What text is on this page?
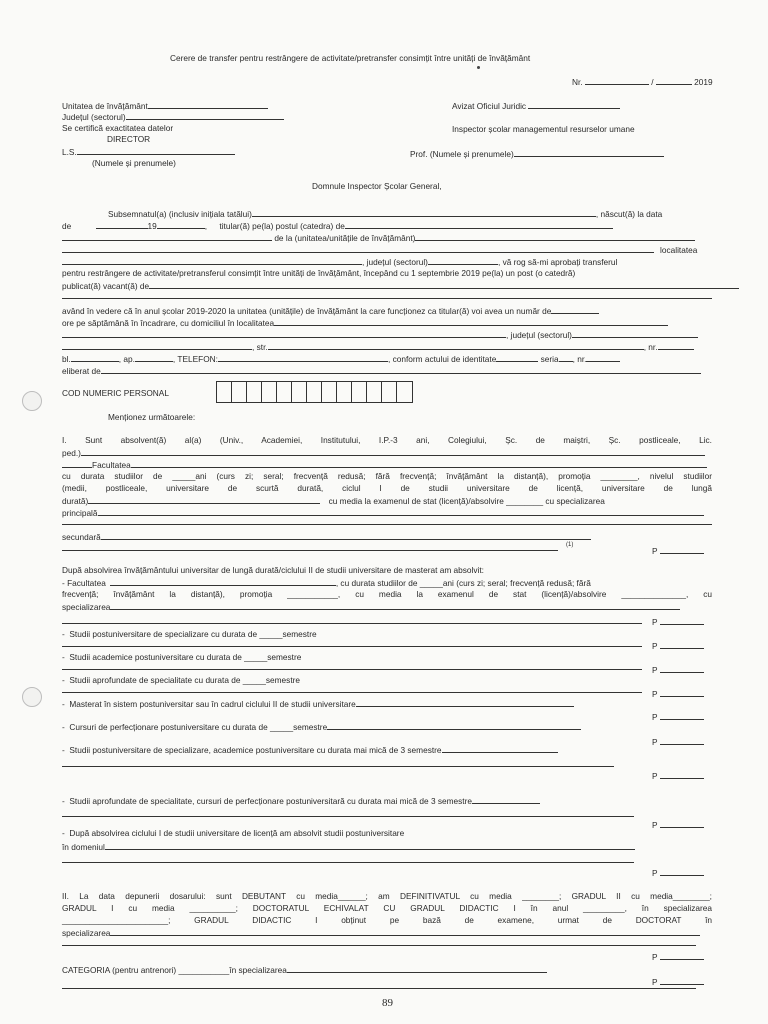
Cerere de transfer pentru restrângere de activitate/pretransfer consimțit între unități de învățământ
Nr.	/	2019
Unitatea de învățământ
Județul (sectorul)
Se certifică exactitatea datelor
DIRECTOR
L.S.
(Numele și prenumele)
Avizat Oficiul Juridic
Inspector școlar managementul resurselor umane
Prof. (Numele și prenumele)
Domnule Inspector Școlar General,
Subsemnatul(a) (inclusiv inițiala tatălui)	, născut(ă) la data
de	19	, titular(ă) pe(la) postul (catedra) de
de la (unitatea/unitățile de învățământ)
localitatea
, județul (sectorul)	, vă rog să-mi aprobați transferul
pentru restrângere de activitate/pretransferul consimțit între unități de învățământ, începând cu 1 septembrie 2019 pe(la) un post (o catedră)
publicat(ă) vacant(ă) de
având în vedere că în anul școlar 2019-2020 la unitatea (unitățile) de învățământ la care funcționez ca titular(ă) voi avea un număr de
ore pe săptămână în încadrare, cu domiciliul în localitatea
, județul (sectorul)
, str.	, nr.
bl.	, ap.	, TELEFON:	, conform actului de identitate	seria , nr.
eliberat de
COD NUMERIC PERSONAL
Menționez următoarele:
I. Sunt absolvent(ă) al(a) (Univ., Academiei, Institutului, I.P.-3 ani, Colegiului, Șc. de maiștri, Șc. postliceale, Lic.
ped.)
Facultatea
cu durata studiilor de _____ani (curs zi; seral; frecvență redusă; fără frecvență; învățământ la distanță), promoția ________, nivelul studiilor
(medii, postliceale, universitare de scurtă durată, ciclul I de studii universitare de licență, universitare de lungă
durată)	cu media la examenul de stat (licență)/absolvire ________ cu specializarea
principală
secundară
(1)
P
După absolvirea învățământului universitar de lungă durată/ciclului II de studii universitare de masterat am absolvit:
- Facultatea	, cu durata studiilor de _____ani (curs zi; seral; frecvență redusă; fără
frecvență; învățământ la distanță), promoția ___________, cu media la examenul de stat (licență)/absolvire ______________, cu
specializarea
P
-  Studii postuniversitare de specializare cu durata de _____semestre
P
-  Studii academice postuniversitare cu durata de _____semestre
P
-  Studii aprofundate de specialitate cu durata de _____semestre
P
-  Masterat în sistem postuniversitar sau în cadrul ciclului II de studii universitare
P
-  Cursuri de perfecționare postuniversitare cu durata de _____semestre
P
-  Studii postuniversitare de specializare, academice postuniversitare cu durata mai mică de 3 semestre
P
-  Studii aprofundate de specialitate, cursuri de perfecționare postuniversitară cu durata mai mică de 3 semestre
P
-  După absolvirea ciclului I de studii universitare de licență am absolvit studii postuniversitare
în domeniul
P
II. La data depunerii dosarului: sunt DEBUTANT cu media______; am DEFINITIVATUL cu media ________; GRADUL II cu media________;
GRADUL I cu media __________; DOCTORATUL ECHIVALAT CU GRADUL DIDACTIC I în anul _________, în specializarea
_______________________; GRADUL DIDACTIC I obținut pe bază de examene, urmat de DOCTORAT în
specializarea
P
CATEGORIA (pentru antrenori) ___________în specializarea
P
89
